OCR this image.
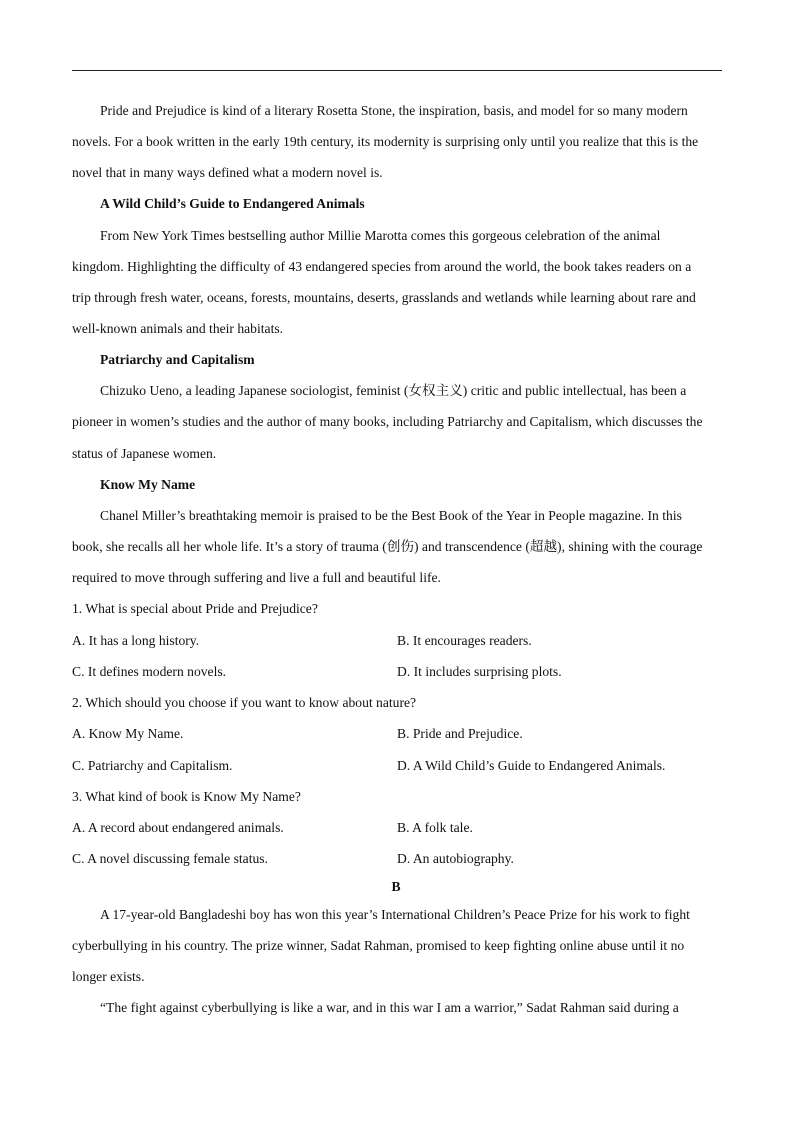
Pride and Prejudice is kind of a literary Rosetta Stone, the inspiration, basis, and model for so many modern
novels. For a book written in the early 19th century, its modernity is surprising only until you realize that this is the
novel that in many ways defined what a modern novel is.
A Wild Child’s Guide to Endangered Animals
From New York Times bestselling author Millie Marotta comes this gorgeous celebration of the animal
kingdom. Highlighting the difficulty of 43 endangered species from around the world, the book takes readers on a
trip through fresh water, oceans, forests, mountains, deserts, grasslands and wetlands while learning about rare and
well-known animals and their habitats.
Patriarchy and Capitalism
Chizuko Ueno, a leading Japanese sociologist, feminist (女权主义) critic and public intellectual, has been a
pioneer in women’s studies and the author of many books, including Patriarchy and Capitalism, which discusses the
status of Japanese women.
Know My Name
Chanel Miller’s breathtaking memoir is praised to be the Best Book of the Year in People magazine. In this
book, she recalls all her whole life. It’s a story of trauma (创伤) and transcendence (超越), shining with the courage
required to move through suffering and live a full and beautiful life.
1. What is special about Pride and Prejudice?
A. It has a long history.	B. It encourages readers.
C. It defines modern novels.	D. It includes surprising plots.
2. Which should you choose if you want to know about nature?
A. Know My Name.	B. Pride and Prejudice.
C. Patriarchy and Capitalism.	D. A Wild Child’s Guide to Endangered Animals.
3. What kind of book is Know My Name?
A. A record about endangered animals.	B. A folk tale.
C. A novel discussing female status.	D. An autobiography.
B
A 17-year-old Bangladeshi boy has won this year’s International Children’s Peace Prize for his work to fight
cyberbullying in his country. The prize winner, Sadat Rahman, promised to keep fighting online abuse until it no
longer exists.
“The fight against cyberbullying is like a war, and in this war I am a warrior,” Sadat Rahman said during a
